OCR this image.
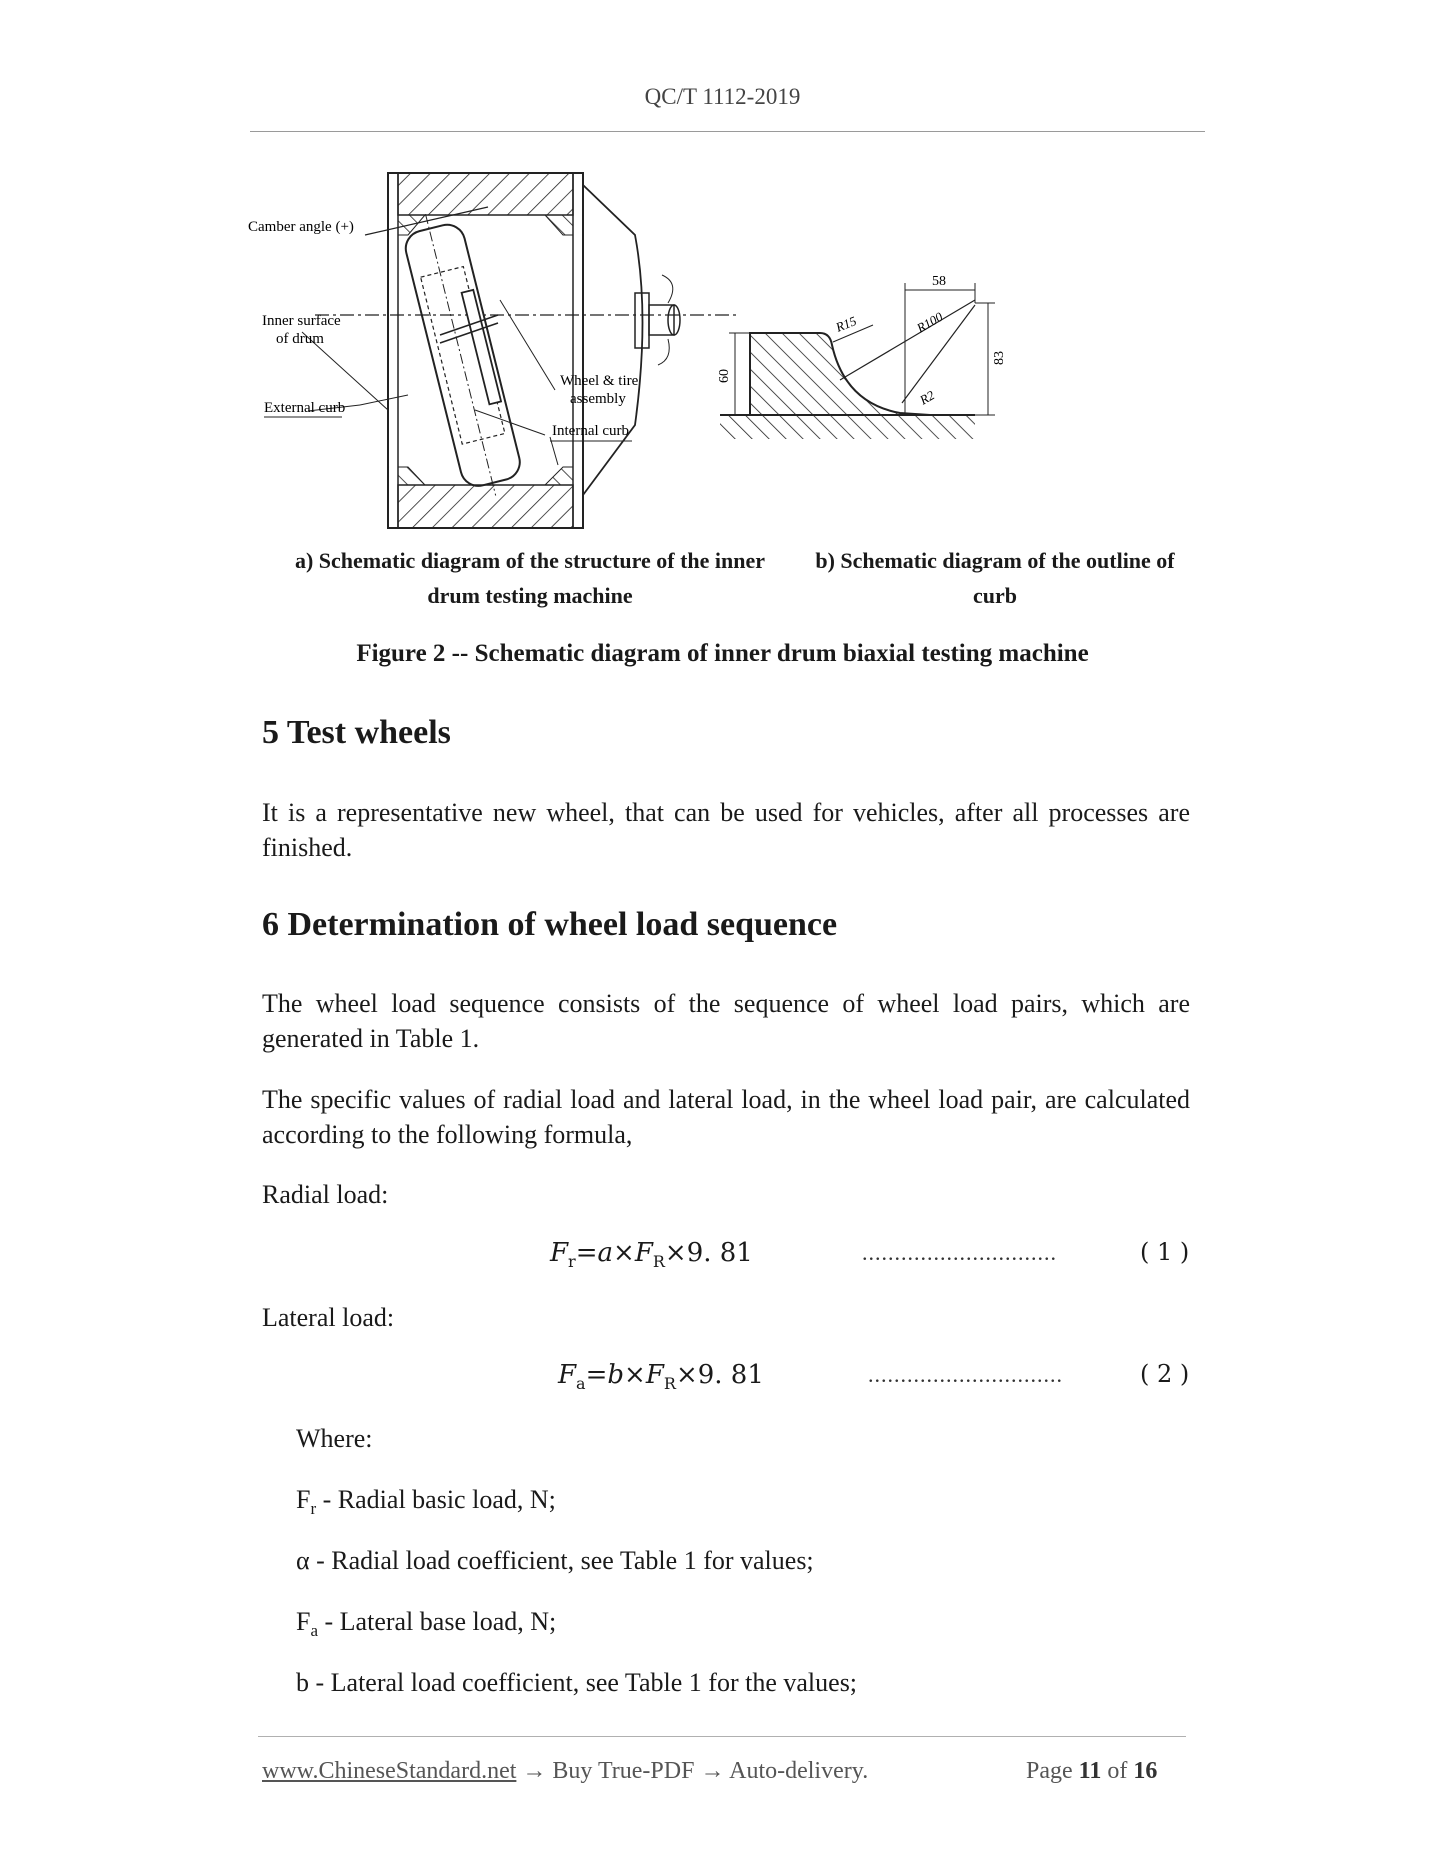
QC/T 1112-2019
Camber angle (+)
Inner surface
of drum
External curb
Wheel & tire
assembly
Internal curb
58
83
60
R15	R100
R2
a) Schematic diagram of the structure of the inner
drum testing machine
b) Schematic diagram of the outline of
curb
Figure 2 -- Schematic diagram of inner drum biaxial testing machine
5 Test wheels
It is a representative new wheel, that can be used for vehicles, after all processes are finished.
6 Determination of wheel load sequence
The wheel load sequence consists of the sequence of wheel load pairs, which are generated in Table 1.
The specific values of radial load and lateral load, in the wheel load pair, are calculated according to the following formula,
Radial load:
$F_r=a\times F_R\times 9$. 81	..............................	( 1 )
Lateral load:
$F_a=b\times F_R\times 9$. 81	..............................	( 2 )
Where:
$F_r$ - Radial basic load, N;
α - Radial load coefficient, see Table 1 for values;
$F_a$ - Lateral base load, N;
b - Lateral load coefficient, see Table 1 for the values;
www.ChineseStandard.net → Buy True-PDF → Auto-delivery.	Page 11 of 16
